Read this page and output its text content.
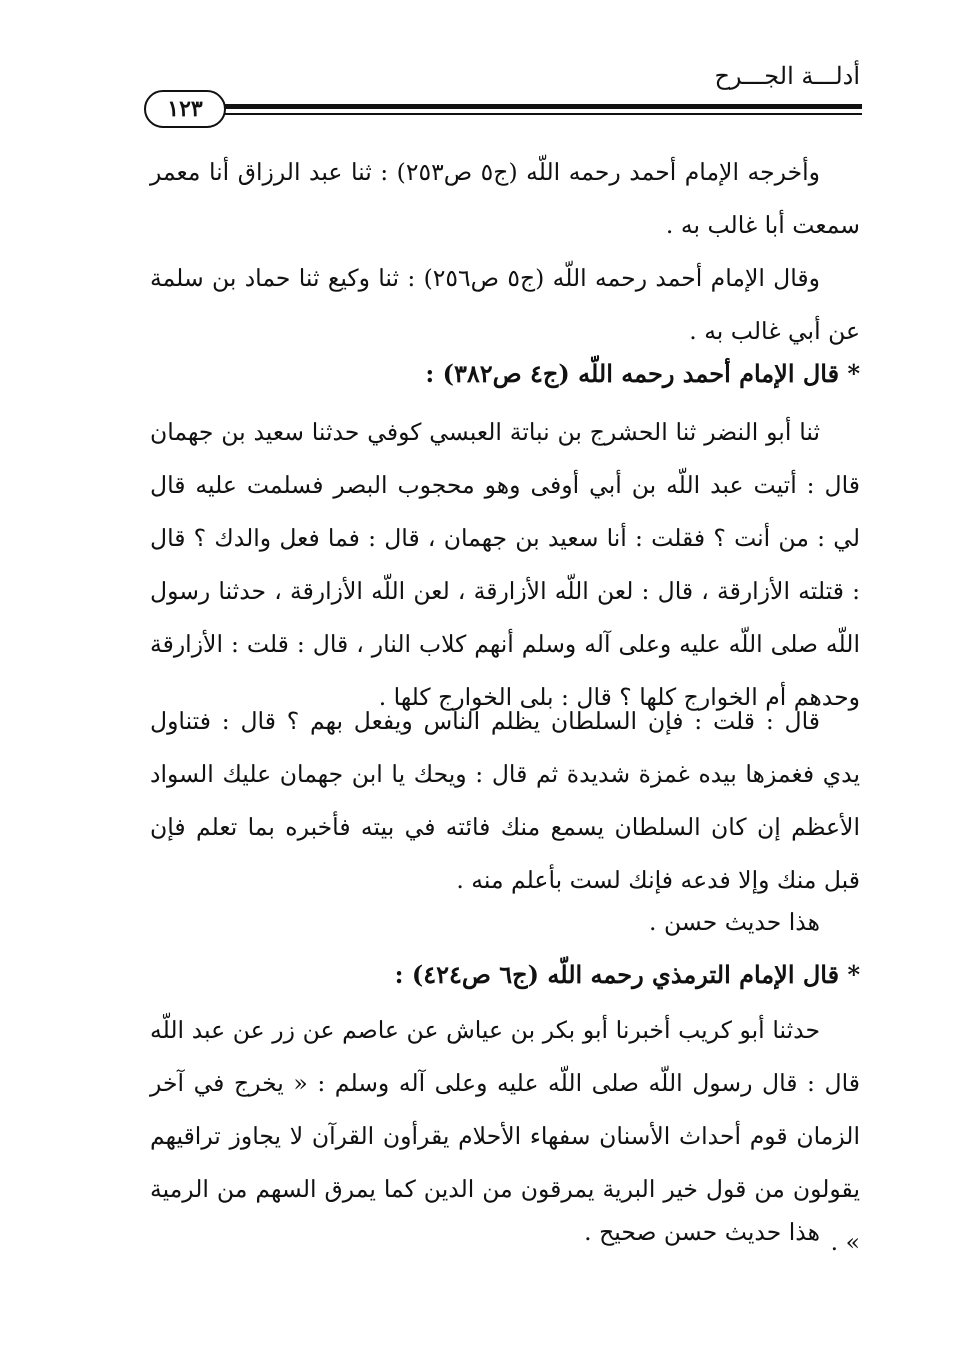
أدلـــة الجـــرح
١٢٣

وأخرجه الإمام أحمد رحمه اللّه (ج٥ ص٢٥٣) : ثنا عبد الرزاق أنا معمر سمعت أبا غالب به .

وقال الإمام أحمد رحمه اللّه (ج٥ ص٢٥٦) : ثنا وكيع ثنا حماد بن سلمة عن أبي غالب به .

* قال الإمام أحمد رحمه اللّه (ج٤ ص٣٨٢) :

ثنا أبو النضر ثنا الحشرج بن نباتة العبسي كوفي حدثنا سعيد بن جهمان قال : أتيت عبد اللّه بن أبي أوفى وهو محجوب البصر فسلمت عليه قال لي : من أنت ؟ فقلت : أنا سعيد بن جهمان ، قال : فما فعل والدك ؟ قال : قتلته الأزارقة ، قال : لعن اللّه الأزارقة ، لعن اللّه الأزارقة ، حدثنا رسول اللّه صلى اللّه عليه وعلى آله وسلم أنهم كلاب النار ، قال : قلت : الأزارقة وحدهم أم الخوارج كلها ؟ قال : بلى الخوارج كلها .

قال : قلت : فإن السلطان يظلم الناس ويفعل بهم ؟ قال : فتناول يدي فغمزها بيده غمزة شديدة ثم قال : ويحك يا ابن جهمان عليك السواد الأعظم إن كان السلطان يسمع منك فائته في بيته فأخبره بما تعلم فإن قبل منك وإلا فدعه فإنك لست بأعلم منه .

هذا حديث حسن .

* قال الإمام الترمذي رحمه اللّه (ج٦ ص٤٢٤) :

حدثنا أبو كريب أخبرنا أبو بكر بن عياش عن عاصم عن زر عن عبد اللّه قال : قال رسول اللّه صلى اللّه عليه وعلى آله وسلم : « يخرج في آخر الزمان قوم أحداث الأسنان سفهاء الأحلام يقرأون القرآن لا يجاوز تراقيهم يقولون من قول خير البرية يمرقون من الدين كما يمرق السهم من الرمية » .

هذا حديث حسن صحيح .
